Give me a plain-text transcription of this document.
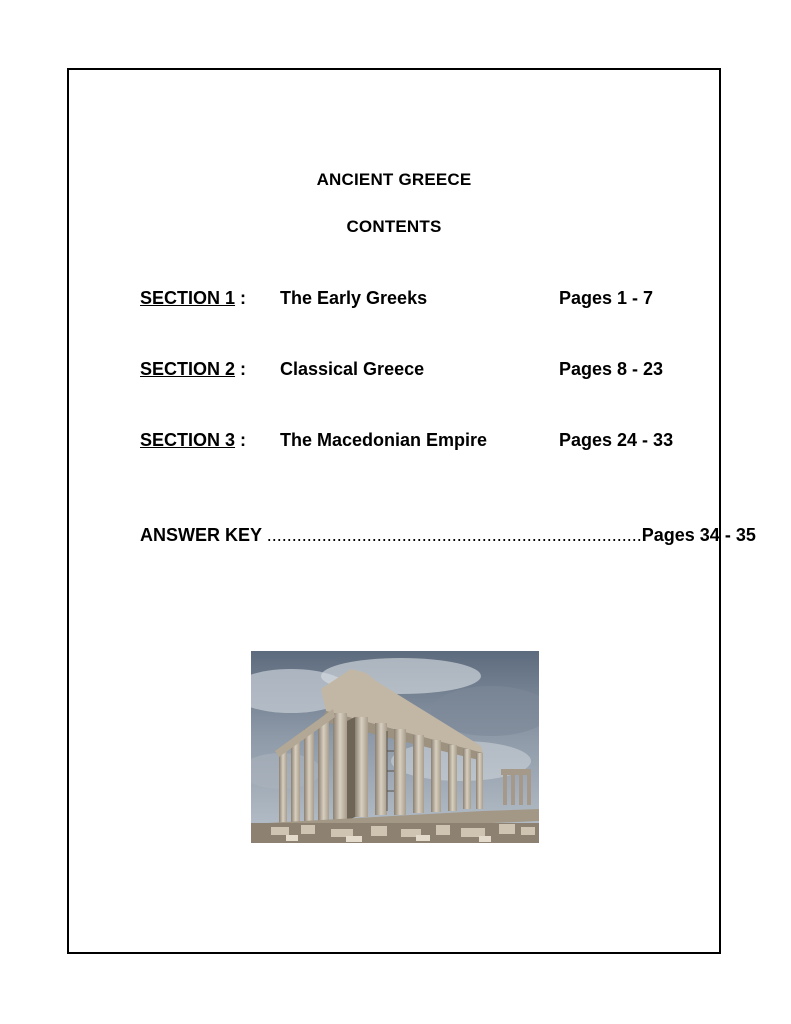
ANCIENT GREECE
CONTENTS
SECTION 1 : The Early Greeks	Pages 1 - 7
SECTION 2 : Classical Greece	Pages 8 - 23
SECTION 3 : The Macedonian Empire	Pages 24 - 33
ANSWER KEY ...........................................................................Pages 34 - 35
